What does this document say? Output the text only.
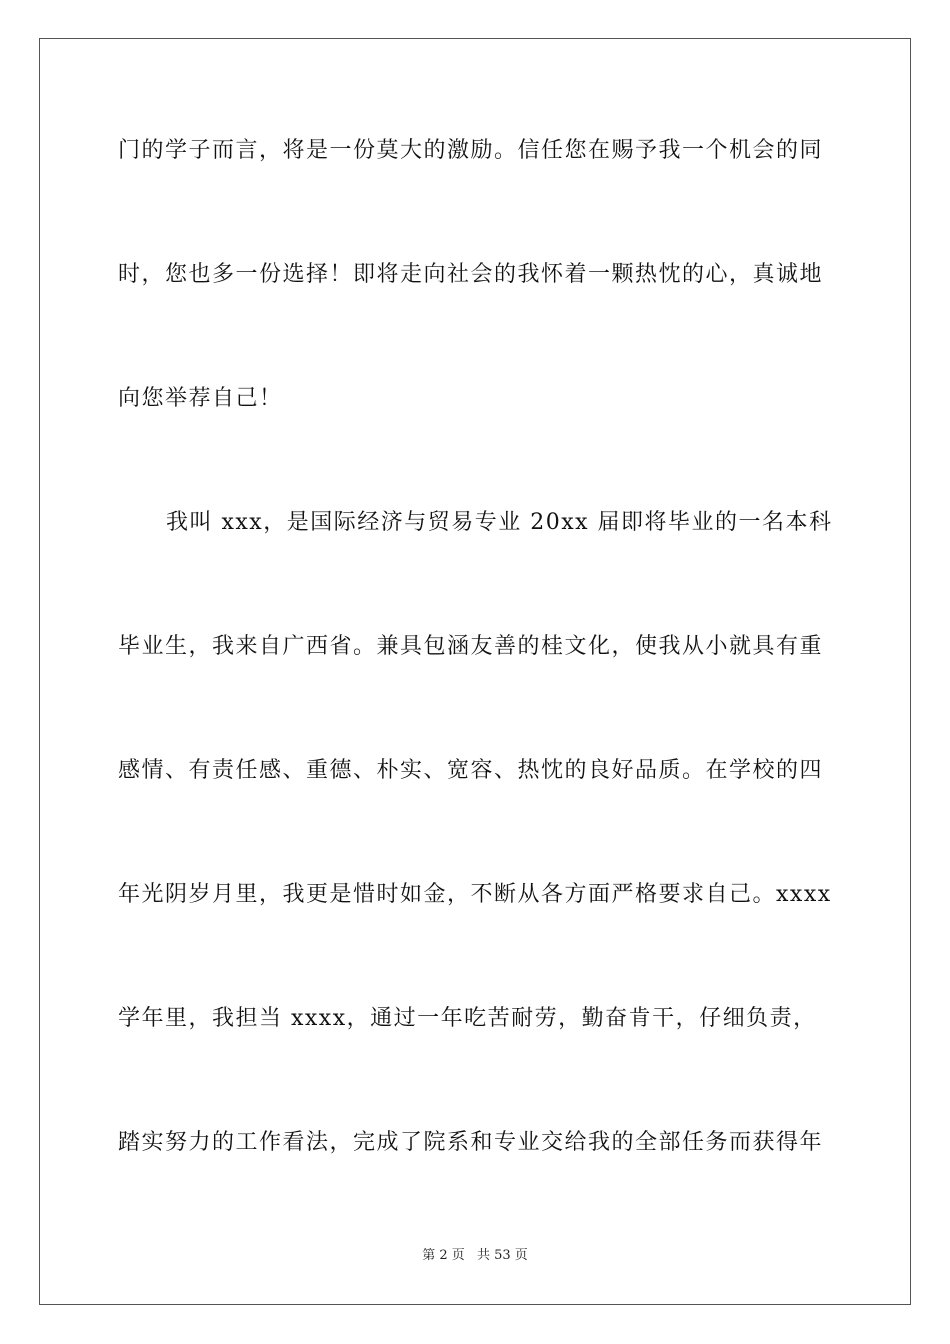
门的学子而言，将是一份莫大的激励。信任您在赐予我一个机会的同
时，您也多一份选择！即将走向社会的我怀着一颗热忱的心，真诚地
向您举荐自己！
我叫 xxx，是国际经济与贸易专业 20xx 届即将毕业的一名本科
毕业生，我来自广西省。兼具包涵友善的桂文化，使我从小就具有重
感情、有责任感、重德、朴实、宽容、热忱的良好品质。在学校的四
年光阴岁月里，我更是惜时如金，不断从各方面严格要求自己。xxxx
学年里，我担当 xxxx，通过一年吃苦耐劳，勤奋肯干，仔细负责，
踏实努力的工作看法，完成了院系和专业交给我的全部任务而获得年
第 2 页 共 53 页
